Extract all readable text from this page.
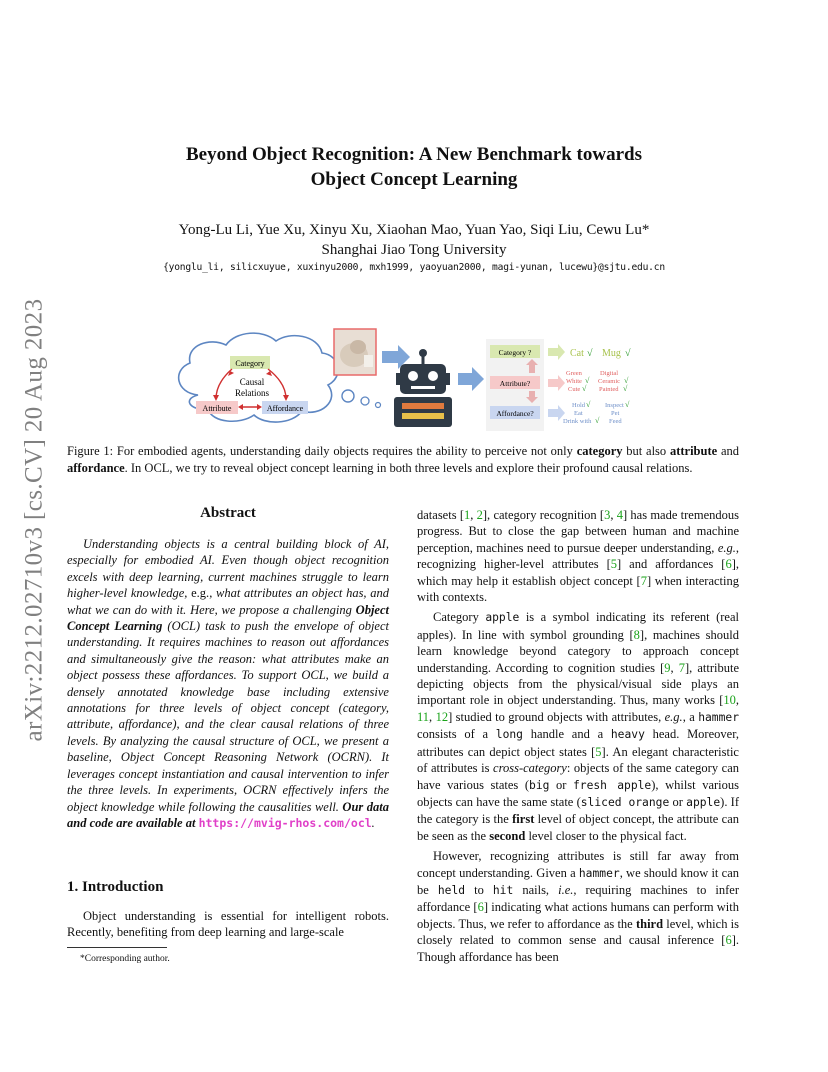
arXiv:2212.02710v3 [cs.CV] 20 Aug 2023
Beyond Object Recognition: A New Benchmark towards
Object Concept Learning
Yong-Lu Li, Yue Xu, Xinyu Xu, Xiaohan Mao, Yuan Yao, Siqi Liu, Cewu Lu*
Shanghai Jiao Tong University
{yonglu_li, silicxuyue, xuxinyu2000, mxh1999, yaoyuan2000, magi-yunan, lucewu}@sjtu.edu.cn
Category
Causal
Relations
Attribute	Affordance
Category ?
Attribute?
Affordance?
Cat √ Mug √
Green
White
Cute
Digital
Ceramic
Painted
√
√
√
√
Hold
Eat
Drink with
Inspect
Pet
Feed
√
√
√
Figure 1: For embodied agents, understanding daily objects requires the ability to perceive not only category but also attribute and affordance. In OCL, we try to reveal object concept learning in both three levels and explore their profound causal relations.
Abstract

Understanding objects is a central building block of AI, especially for embodied AI. Even though object recognition excels with deep learning, current machines struggle to learn higher-level knowledge, e.g., what attributes an object has, and what we can do with it. Here, we propose a challenging Object Concept Learning (OCL) task to push the envelope of object understanding. It requires machines to reason out affordances and simultaneously give the reason: what attributes make an object possess these affordances. To support OCL, we build a densely annotated knowledge base including extensive annotations for three levels of object concept (category, attribute, affordance), and the clear causal relations of three levels. By analyzing the causal structure of OCL, we present a baseline, Object Concept Reasoning Network (OCRN). It leverages concept instantiation and causal intervention to infer the three levels. In experiments, OCRN effectively infers the object knowledge while following the causalities well. Our data and code are available at https://mvig-rhos.com/ocl.

1. Introduction
Object understanding is essential for intelligent robots. Recently, benefiting from deep learning and large-scale
*Corresponding author.

datasets [1, 2], category recognition [3, 4] has made tremendous progress. But to close the gap between human and machine perception, machines need to pursue deeper understanding, e.g., recognizing higher-level attributes [5] and affordances [6], which may help it establish object concept [7] when interacting with contexts.

Category apple is a symbol indicating its referent (real apples). In line with symbol grounding [8], machines should learn knowledge beyond category to approach concept understanding. According to cognition studies [9, 7], attribute depicting objects from the physical/visual side plays an important role in object understanding. Thus, many works [10, 11, 12] studied to ground objects with attributes, e.g., a hammer consists of a long handle and a heavy head. Moreover, attributes can depict object states [5]. An elegant characteristic of attributes is cross-category: objects of the same category can have various states (big or fresh apple), whilst various objects can have the same state (sliced orange or apple). If the category is the first level of object concept, the attribute can be seen as the second level closer to the physical fact.

However, recognizing attributes is still far away from concept understanding. Given a hammer, we should know it can be held to hit nails, i.e., requiring machines to infer affordance [6] indicating what actions humans can perform with objects. Thus, we refer to affordance as the third level, which is closely related to common sense and causal inference [6]. Though affordance has been
